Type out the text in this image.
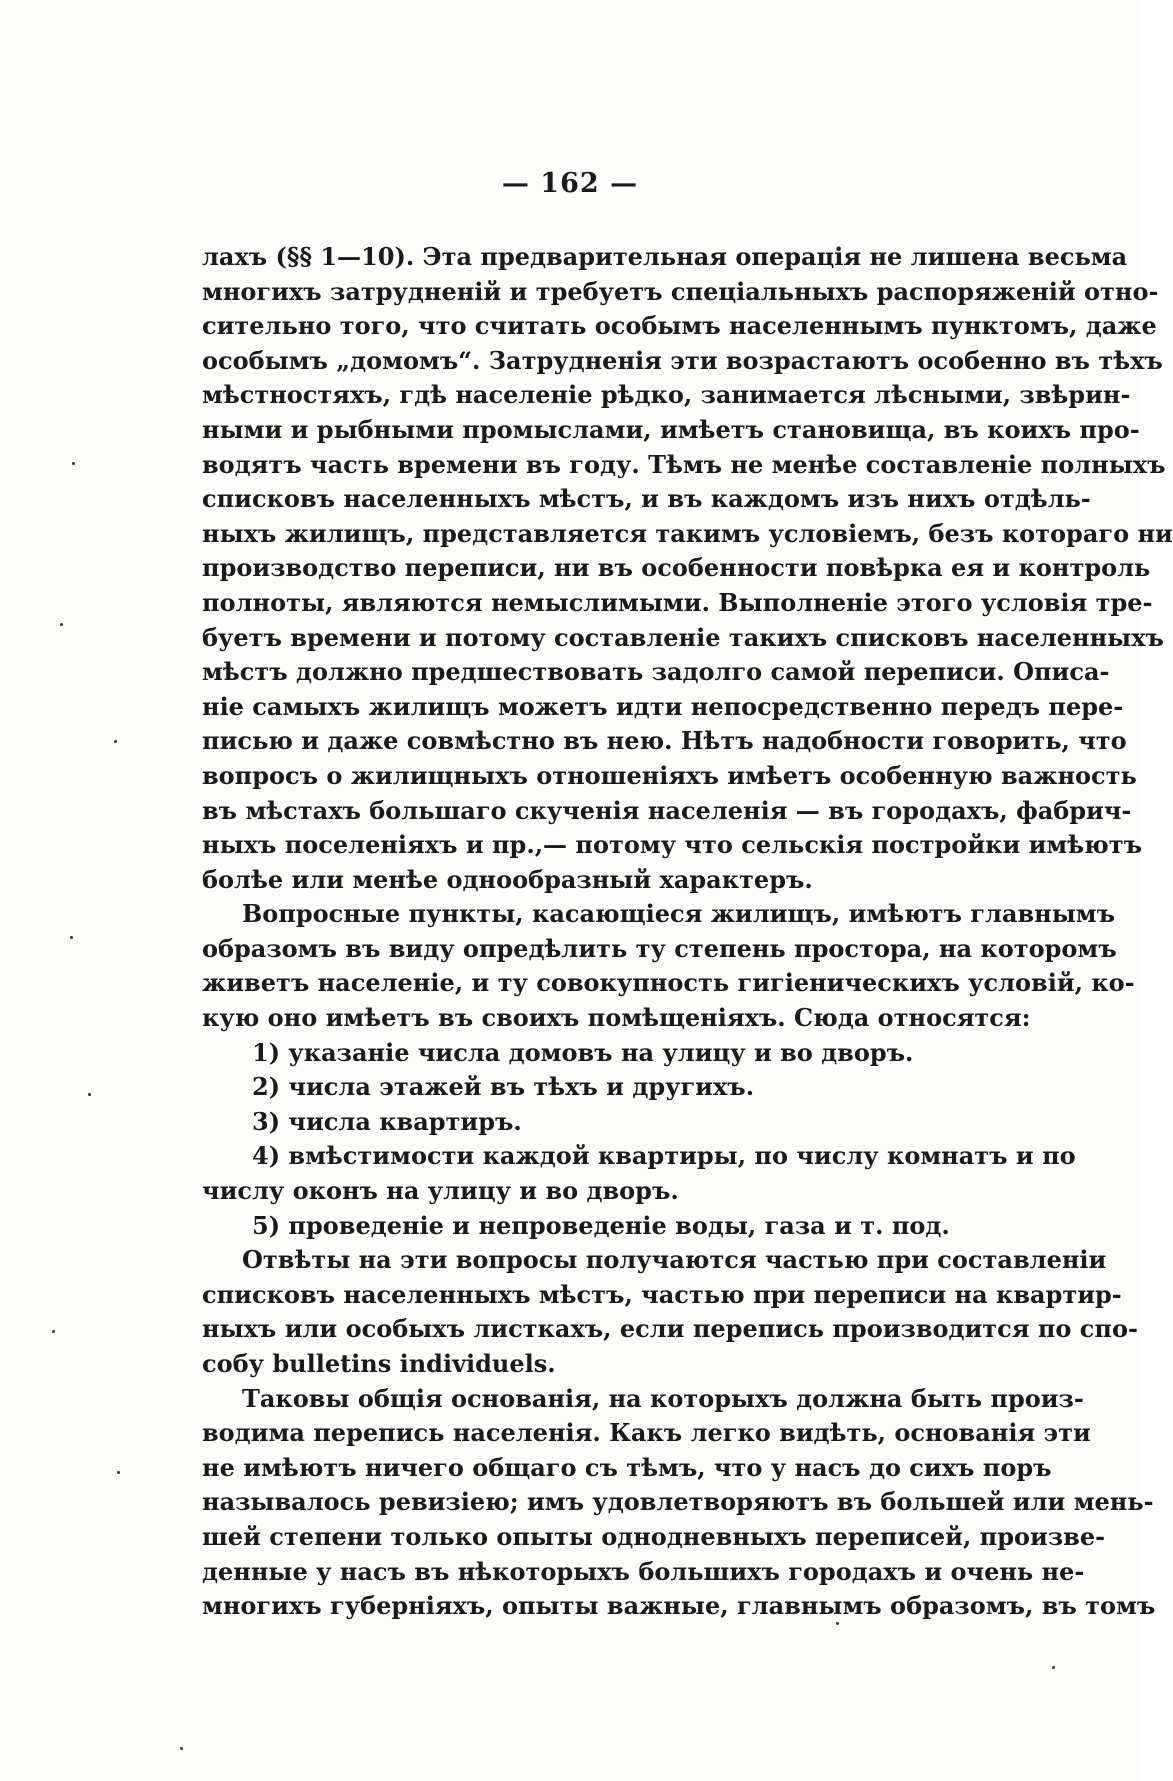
— 162 —
лахъ (§§ 1—10). Эта предварительная операція не лишена весьма
многихъ затрудненій и требуетъ спеціальныхъ распоряженій отно-
сительно того, что считать особымъ населеннымъ пунктомъ, даже
особымъ „домомъ“. Затрудненія эти возрастаютъ особенно въ тѣхъ
мѣстностяхъ, гдѣ населеніе рѣдко, занимается лѣсными, звѣрин-
ными и рыбными промыслами, имѣетъ становища, въ коихъ про-
водятъ часть времени въ году. Тѣмъ не менѣе составленіе полныхъ
списковъ населенныхъ мѣстъ, и въ каждомъ изъ нихъ отдѣль-
ныхъ жилищъ, представляется такимъ условіемъ, безъ котораго ни
производство переписи, ни въ особенности повѣрка ея и контроль
полноты, являются немыслимыми. Выполненіе этого условія тре-
буетъ времени и потому составленіе такихъ списковъ населенныхъ
мѣстъ должно предшествовать задолго самой переписи. Описа-
ніе самыхъ жилищъ можетъ идти непосредственно передъ пере-
писью и даже совмѣстно въ нею. Нѣтъ надобности говорить, что
вопросъ о жилищныхъ отношеніяхъ имѣетъ особенную важность
въ мѣстахъ большаго скученія населенія — въ городахъ, фабрич-
ныхъ поселеніяхъ и пр.,— потому что сельскія постройки имѣютъ
болѣе или менѣе однообразный характеръ.
Вопросные пункты, касающіеся жилищъ, имѣютъ главнымъ
образомъ въ виду опредѣлить ту степень простора, на которомъ
живетъ населеніе, и ту совокупность гигіеническихъ условій, ко-
кую оно имѣетъ въ своихъ помѣщеніяхъ. Сюда относятся:
1) указаніе числа домовъ на улицу и во дворъ.
2) числа этажей въ тѣхъ и другихъ.
3) числа квартиръ.
4) вмѣстимости каждой квартиры, по числу комнатъ и по
числу оконъ на улицу и во дворъ.
5) проведеніе и непроведеніе воды, газа и т. под.
Отвѣты на эти вопросы получаются частью при составленіи
списковъ населенныхъ мѣстъ, частью при переписи на квартир-
ныхъ или особыхъ листкахъ, если перепись производится по спо-
собу bulletins individuels.
Таковы общія основанія, на которыхъ должна быть произ-
водима перепись населенія. Какъ легко видѣть, основанія эти
не имѣютъ ничего общаго съ тѣмъ, что у насъ до сихъ поръ
называлось ревизіею; имъ удовлетворяютъ въ большей или мень-
шей степени только опыты однодневныхъ переписей, произве-
денные у насъ въ нѣкоторыхъ большихъ городахъ и очень не-
многихъ губерніяхъ, опыты важные, главнымъ образомъ, въ томъ
